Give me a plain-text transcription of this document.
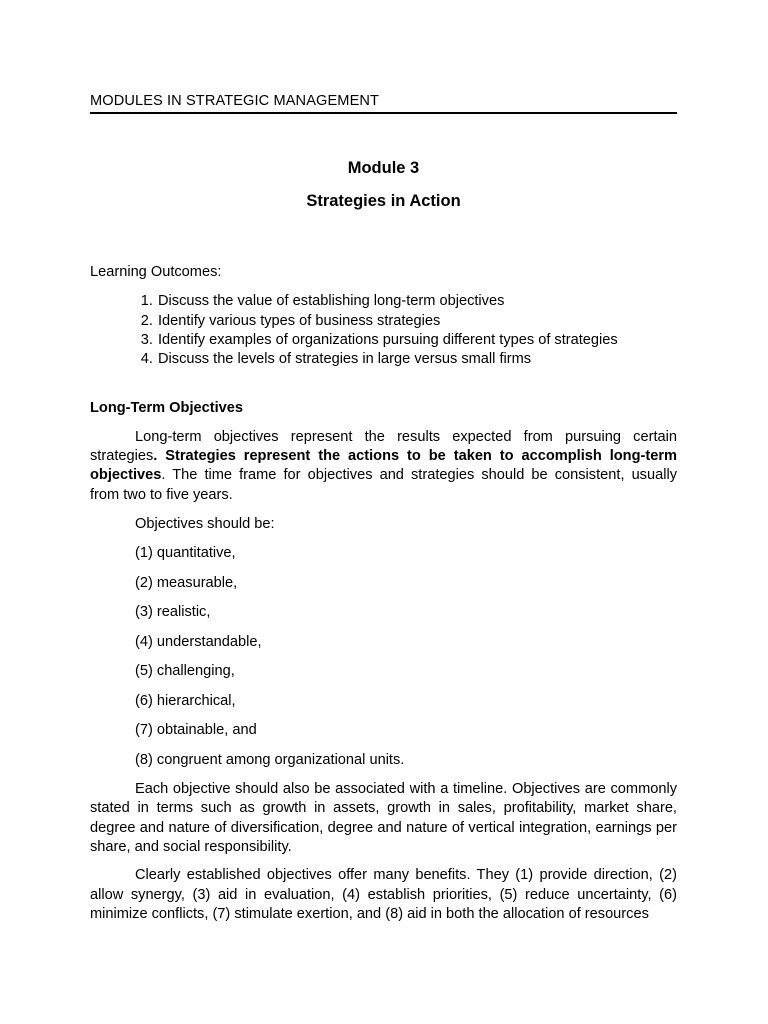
MODULES IN STRATEGIC MANAGEMENT
Module 3
Strategies in Action
Learning Outcomes:
1. Discuss the value of establishing long-term objectives
2. Identify various types of business strategies
3. Identify examples of organizations pursuing different types of strategies
4. Discuss the levels of strategies in large versus small firms
Long-Term Objectives

Long-term objectives represent the results expected from pursuing certain strategies. Strategies represent the actions to be taken to accomplish long-term objectives. The time frame for objectives and strategies should be consistent, usually from two to five years.

Objectives should be:
(1) quantitative,
(2) measurable,
(3) realistic,
(4) understandable,
(5) challenging,
(6) hierarchical,
(7) obtainable, and
(8) congruent among organizational units.

Each objective should also be associated with a timeline. Objectives are commonly stated in terms such as growth in assets, growth in sales, profitability, market share, degree and nature of diversification, degree and nature of vertical integration, earnings per share, and social responsibility.

Clearly established objectives offer many benefits. They (1) provide direction, (2) allow synergy, (3) aid in evaluation, (4) establish priorities, (5) reduce uncertainty, (6) minimize conflicts, (7) stimulate exertion, and (8) aid in both the allocation of resources
